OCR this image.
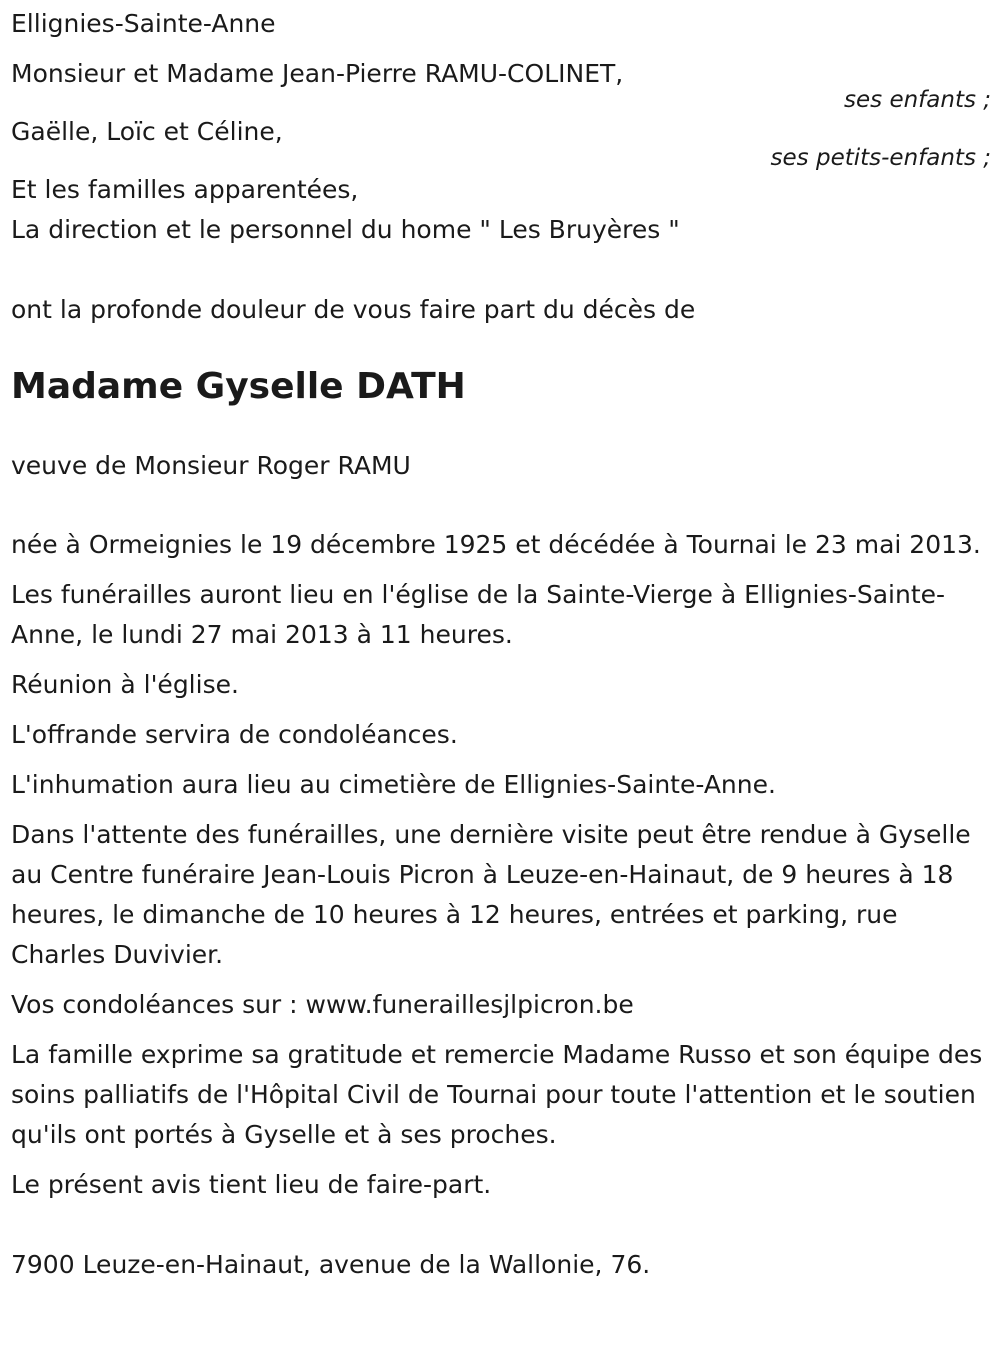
Ellignies-Sainte-Anne
Monsieur et Madame Jean-Pierre RAMU-COLINET,
ses enfants ;
Gaëlle, Loïc et Céline,
ses petits-enfants ;
Et les familles apparentées,
La direction et le personnel du home " Les Bruyères "
ont la profonde douleur de vous faire part du décès de
Madame Gyselle DATH
veuve de Monsieur Roger RAMU
née à Ormeignies le 19 décembre 1925 et décédée à Tournai le 23 mai 2013.
Les funérailles auront lieu en l'église de la Sainte-Vierge à Ellignies-Sainte-Anne, le lundi 27 mai 2013 à 11 heures.
Réunion à l'église.
L'offrande servira de condoléances.
L'inhumation aura lieu au cimetière de Ellignies-Sainte-Anne.
Dans l'attente des funérailles, une dernière visite peut être rendue à Gyselle au Centre funéraire Jean-Louis Picron à Leuze-en-Hainaut, de 9 heures à 18 heures, le dimanche de 10 heures à 12 heures, entrées et parking, rue Charles Duvivier.
Vos condoléances sur : www.funeraillesjlpicron.be
La famille exprime sa gratitude et remercie Madame Russo et son équipe des soins palliatifs de l'Hôpital Civil de Tournai pour toute l'attention et le soutien qu'ils ont portés à Gyselle et à ses proches.
Le présent avis tient lieu de faire-part.
7900 Leuze-en-Hainaut, avenue de la Wallonie, 76.
